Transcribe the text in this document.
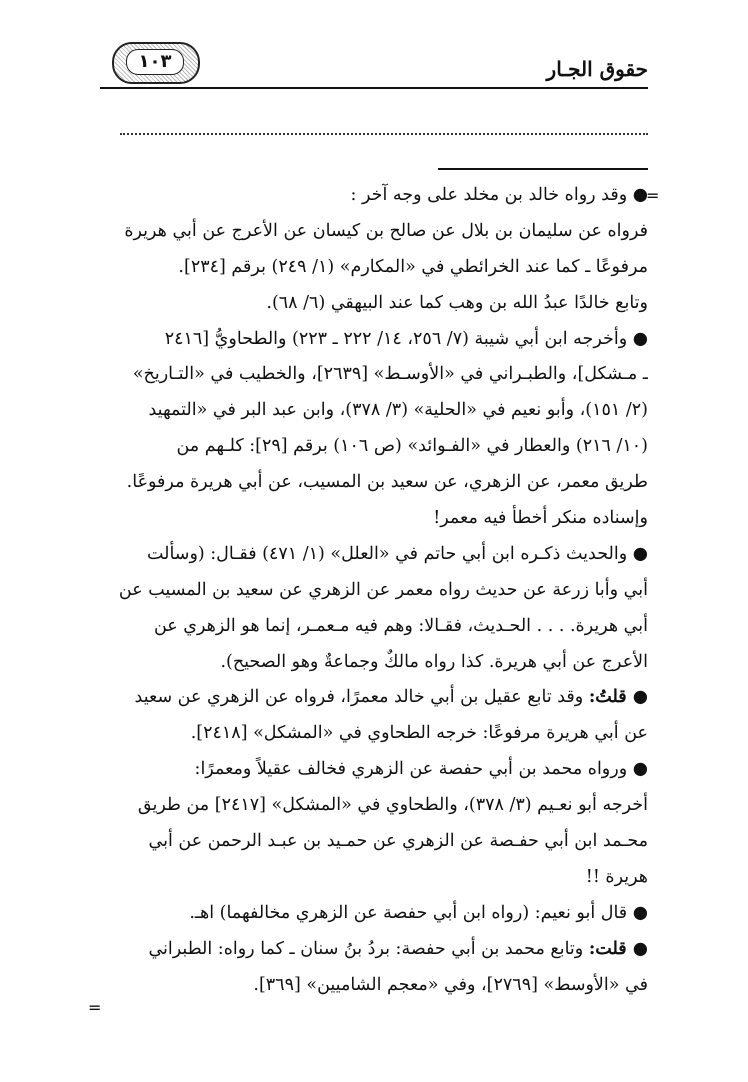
١٠٣	حقوق الجـار
=
=
● وقد رواه خالد بن مخلد على وجه آخر :
فرواه عن سليمان بن بلال عن صالح بن كيسان عن الأعرج عن أبي هريرة
مرفوعًا ـ كما عند الخرائطي في «المكارم» (١/ ٢٤٩) برقم [٢٣٤].
وتابع خالدًا عبدُ الله بن وهب كما عند البيهقي (٦/ ٦٨).
● وأخرجه ابن أبي شيبة (٧/ ٢٥٦، ١٤/ ٢٢٢ ـ ٢٢٣) والطحاويُّ [٢٤١٦
ـ مـشكل]، والطبـراني في «الأوسـط» [٢٦٣٩]، والخطيب في «التـاريخ»
(٢/ ١٥١)، وأبو نعيم في «الحلية» (٣/ ٣٧٨)، وابن عبد البر في «التمهيد
(١٠/ ٢١٦) والعطار في «الفـوائد» (ص ١٠٦) برقم [٢٩]: كلـهم من
طريق معمر، عن الزهري، عن سعيد بن المسيب، عن أبي هريرة مرفوعًا.
وإسناده منكر أخطأ فيه معمر!
● والحديث ذكـره ابن أبي حاتم في «العلل» (١/ ٤٧١) فقـال: (وسألت
أبي وأبا زرعة عن حديث رواه معمر عن الزهري عن سعيد بن المسيب عن
أبي هريرة. . . . الحـديث، فقـالا: وهم فيه مـعمـر، إنما هو الزهري عن
الأعرج عن أبي هريرة. كذا رواه مالكٌ وجماعةٌ وهو الصحيح).
● قلتُ: وقد تابع عقيل بن أبي خالد معمرًا، فرواه عن الزهري عن سعيد
عن أبي هريرة مرفوعًا: خرجه الطحاوي في «المشكل» [٢٤١٨].
● ورواه محمد بن أبي حفصة عن الزهري فخالف عقيلاً ومعمرًا:
أخرجه أبو نعـيم (٣/ ٣٧٨)، والطحاوي في «المشكل» [٢٤١٧] من طريق
محـمد ابن أبي حفـصة عن الزهري عن حمـيد بن عبـد الرحمن عن أبي
هريرة !!
● قال أبو نعيم: (رواه ابن أبي حفصة عن الزهري مخالفهما) اهـ.
● قلت: وتابع محمد بن أبي حفصة: بردُ بنُ سنان ـ كما رواه: الطبراني
في «الأوسط» [٢٧٦٩]، وفي «معجم الشاميين» [٣٦٩].
